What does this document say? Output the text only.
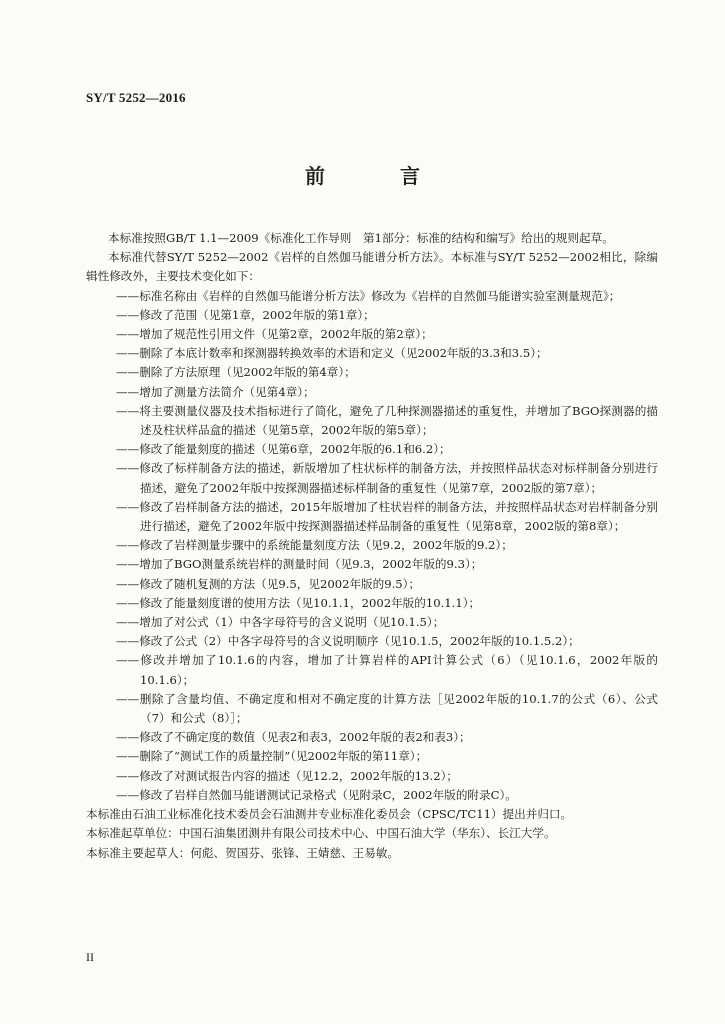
SY/T 5252—2016
前 言

本标准按照GB/T 1.1—2009《标准化工作导则　第1部分：标准的结构和编写》给出的规则起草。

本标准代替SY/T 5252—2002《岩样的自然伽马能谱分析方法》。本标准与SY/T 5252—2002相比，除编辑性修改外，主要技术变化如下：

——标准名称由《岩样的自然伽马能谱分析方法》修改为《岩样的自然伽马能谱实验室测量规范》；

——修改了范围（见第1章，2002年版的第1章）；

——增加了规范性引用文件（见第2章，2002年版的第2章）；

——删除了本底计数率和探测器转换效率的术语和定义（见2002年版的3.3和3.5）；

——删除了方法原理（见2002年版的第4章）；

——增加了测量方法简介（见第4章）；

——将主要测量仪器及技术指标进行了简化，避免了几种探测器描述的重复性，并增加了BGO探测器的描述及柱状样品盒的描述（见第5章，2002年版的第5章）；

——修改了能量刻度的描述（见第6章，2002年版的6.1和6.2）；

——修改了标样制备方法的描述，新版增加了柱状标样的制备方法，并按照样品状态对标样制备分别进行描述，避免了2002年版中按探测器描述标样制备的重复性（见第7章，2002版的第7章）；

——修改了岩样制备方法的描述，2015年版增加了柱状岩样的制备方法，并按照样品状态对岩样制备分别进行描述，避免了2002年版中按探测器描述样品制备的重复性（见第8章，2002版的第8章）；

——修改了岩样测量步骤中的系统能量刻度方法（见9.2，2002年版的9.2）；

——增加了BGO测量系统岩样的测量时间（见9.3，2002年版的9.3）；

——修改了随机复测的方法（见9.5，见2002年版的9.5）；

——修改了能量刻度谱的使用方法（见10.1.1，2002年版的10.1.1）；

——增加了对公式（1）中各字母符号的含义说明（见10.1.5）；

——修改了公式（2）中各字母符号的含义说明顺序（见10.1.5，2002年版的10.1.5.2）；

——修改并增加了10.1.6的内容，增加了计算岩样的API计算公式（6）（见10.1.6，2002年版的10.1.6）；

——删除了含量均值、不确定度和相对不确定度的计算方法［见2002年版的10.1.7的公式（6）、公式（7）和公式（8）］；

——修改了不确定度的数值（见表2和表3，2002年版的表2和表3）；

——删除了“测试工作的质量控制”（见2002年版的第11章）；

——修改了对测试报告内容的描述（见12.2，2002年版的13.2）；

——修改了岩样自然伽马能谱测试记录格式（见附录C，2002年版的附录C）。

本标准由石油工业标准化技术委员会石油测井专业标准化委员会（CPSC/TC11）提出并归口。

本标准起草单位：中国石油集团测井有限公司技术中心、中国石油大学（华东）、长江大学。

本标准主要起草人：何彪、贺国芬、张锋、王婧慈、王易敏。

II
